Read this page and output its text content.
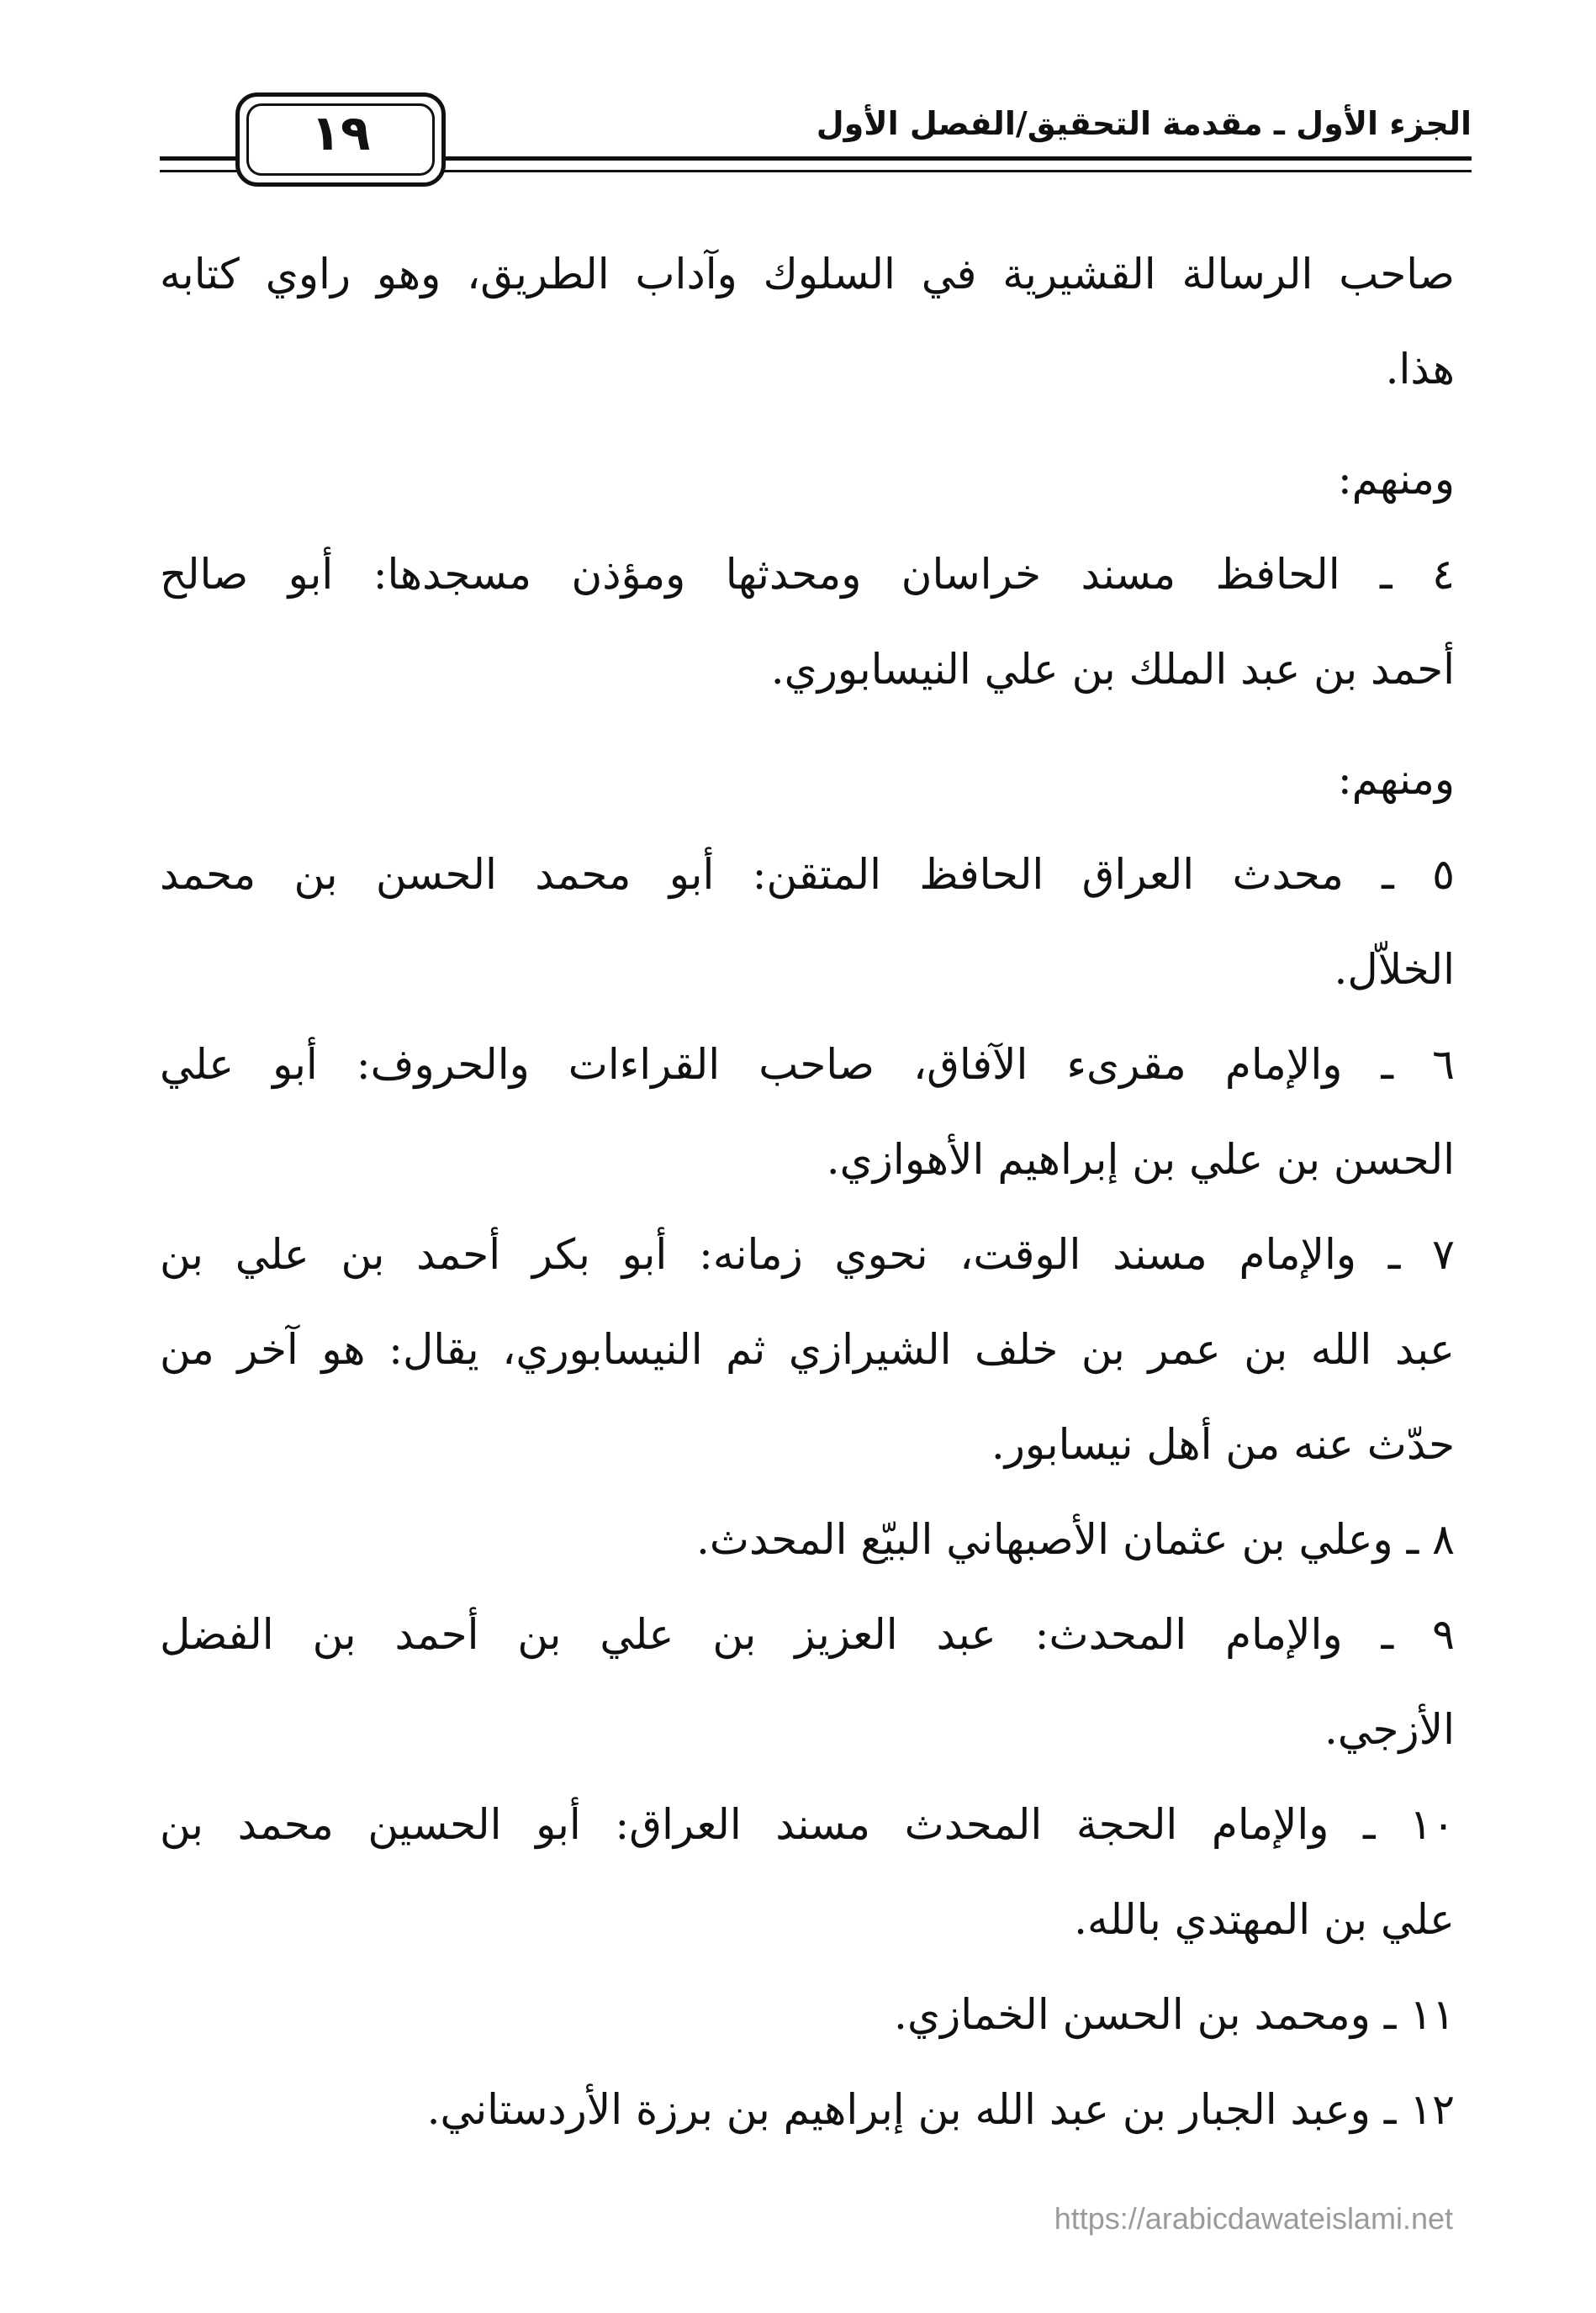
الجزء الأول ـ مقدمة التحقيق/الفصل الأول
١٩

صاحب الرسالة القشيرية في السلوك وآداب الطريق، وهو راوي كتابه
هذا.

ومنهم:

٤ ـ الحافظ مسند خراسان ومحدثها ومؤذن مسجدها: أبو صالح
أحمد بن عبد الملك بن علي النيسابوري.

ومنهم:

٥ ـ محدث العراق الحافظ المتقن: أبو محمد الحسن بن محمد
الخلاّل.

٦ ـ والإمام مقرىء الآفاق، صاحب القراءات والحروف: أبو علي
الحسن بن علي بن إبراهيم الأهوازي.

٧ ـ والإمام مسند الوقت، نحوي زمانه: أبو بكر أحمد بن علي بن
عبد الله بن عمر بن خلف الشيرازي ثم النيسابوري، يقال: هو آخر من
حدّث عنه من أهل نيسابور.

٨ ـ وعلي بن عثمان الأصبهاني البيّع المحدث.

٩ ـ والإمام المحدث: عبد العزيز بن علي بن أحمد بن الفضل
الأزجي.

١٠ ـ والإمام الحجة المحدث مسند العراق: أبو الحسين محمد بن
علي بن المهتدي بالله.

١١ ـ ومحمد بن الحسن الخمازي.

١٢ ـ وعبد الجبار بن عبد الله بن إبراهيم بن برزة الأردستاني.

https://arabicdawateislami.net
